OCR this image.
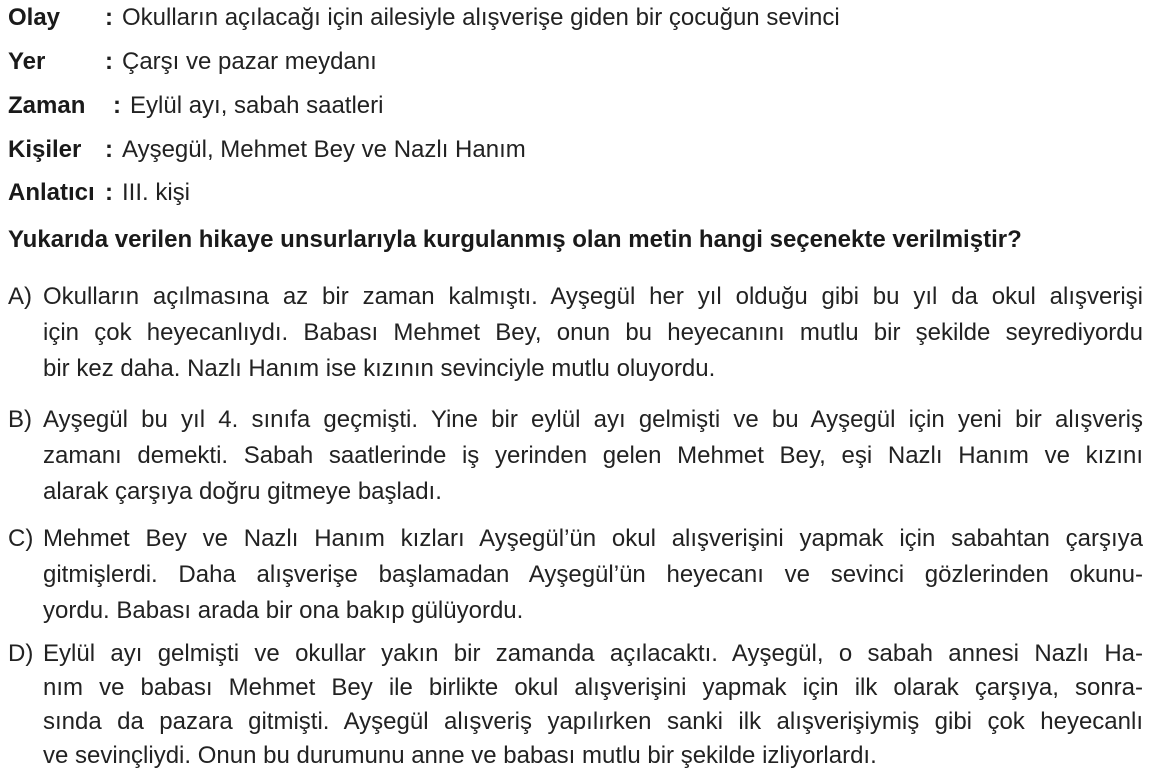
Olay : Okulların açılacağı için ailesiyle alışverişe giden bir çocuğun sevinci
Yer : Çarşı ve pazar meydanı
Zaman : Eylül ayı, sabah saatleri
Kişiler : Ayşegül, Mehmet Bey ve Nazlı Hanım
Anlatıcı : III. kişi
Yukarıda verilen hikaye unsurlarıyla kurgulanmış olan metin hangi seçenekte verilmiştir?
A) Okulların açılmasına az bir zaman kalmıştı. Ayşegül her yıl olduğu gibi bu yıl da okul alışverişi
için çok heyecanlıydı. Babası Mehmet Bey, onun bu heyecanını mutlu bir şekilde seyrediyordu
bir kez daha. Nazlı Hanım ise kızının sevinciyle mutlu oluyordu.
B) Ayşegül bu yıl 4. sınıfa geçmişti. Yine bir eylül ayı gelmişti ve bu Ayşegül için yeni bir alışveriş
zamanı demekti. Sabah saatlerinde iş yerinden gelen Mehmet Bey, eşi Nazlı Hanım ve kızını
alarak çarşıya doğru gitmeye başladı.
C) Mehmet Bey ve Nazlı Hanım kızları Ayşegül’ün okul alışverişini yapmak için sabahtan çarşıya
gitmişlerdi. Daha alışverişe başlamadan Ayşegül’ün heyecanı ve sevinci gözlerinden okunu-
yordu. Babası arada bir ona bakıp gülüyordu.
D) Eylül ayı gelmişti ve okullar yakın bir zamanda açılacaktı. Ayşegül, o sabah annesi Nazlı Ha-
nım ve babası Mehmet Bey ile birlikte okul alışverişini yapmak için ilk olarak çarşıya, sonra-
sında da pazara gitmişti. Ayşegül alışveriş yapılırken sanki ilk alışverişiymiş gibi çok heyecanlı
ve sevinçliydi. Onun bu durumunu anne ve babası mutlu bir şekilde izliyorlardı.
